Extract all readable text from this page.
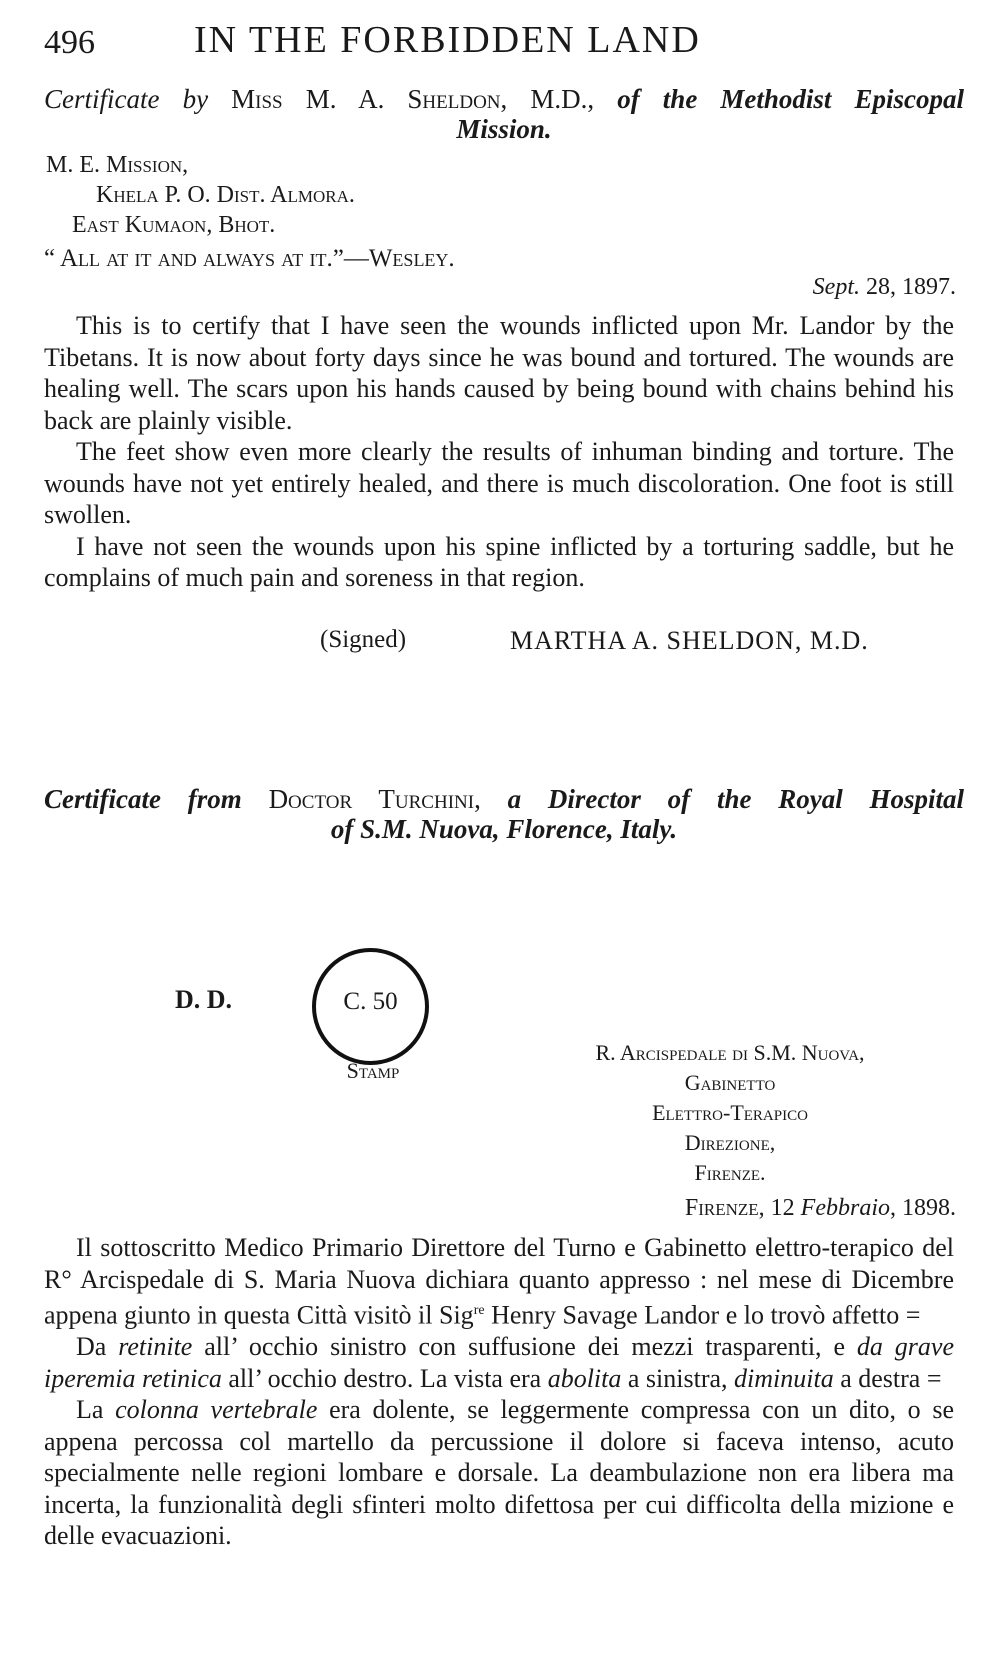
496	IN THE FORBIDDEN LAND
Certificate by Miss M. A. Sheldon, M.D., of the Methodist Episcopal
Mission.
M. E. Mission,
Khela P. O. Dist. Almora.
East Kumaon, Bhot.
“ All at it and always at it.”—Wesley.
Sept. 28, 1897.

This is to certify that I have seen the wounds inflicted upon Mr. Landor by the Tibetans. It is now about forty days since he was bound and tortured. The wounds are healing well. The scars upon his hands caused by being bound with chains behind his back are plainly visible.

The feet show even more clearly the results of inhuman binding and torture. The wounds have not yet entirely healed, and there is much discoloration. One foot is still swollen.

I have not seen the wounds upon his spine inflicted by a torturing saddle, but he complains of much pain and soreness in that region.

(Signed)	MARTHA A. SHELDON, M.D.
Certificate from Doctor Turchini, a Director of the Royal Hospital
of S.M. Nuova, Florence, Italy.
D. D.	C. 50
Stamp
R. Arcispedale di S.M. Nuova,
Gabinetto
Elettro-Terapico
Direzione,
Firenze.
Firenze, 12 Febbraio, 1898.

Il sottoscritto Medico Primario Direttore del Turno e Gabinetto elettro-terapico del R° Arcispedale di S. Maria Nuova dichiara quanto appresso : nel mese di Dicembre appena giunto in questa Città visitò il Sig$^{re}$ Henry Savage Landor e lo trovò affetto =

Da retinite all’ occhio sinistro con suffusione dei mezzi trasparenti, e da grave iperemia retinica all’ occhio destro. La vista era abolita a sinistra, diminuita a destra =

La colonna vertebrale era dolente, se leggermente compressa con un dito, o se appena percossa col martello da percussione il dolore si faceva intenso, acuto specialmente nelle regioni lombare e dorsale. La deambulazione non era libera ma incerta, la funzionalità degli sfinteri molto difettosa per cui difficolta della mizione e delle evacuazioni.
